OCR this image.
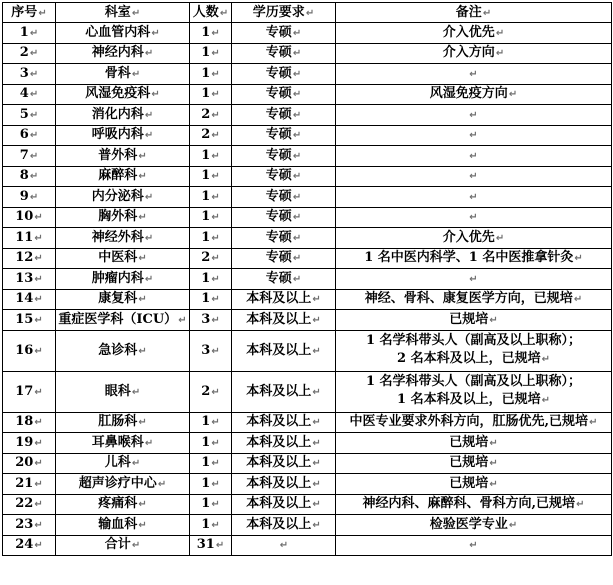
序号↵	科室↵	人数↵	学历要求↵	备注↵
1↵	心血管内科↵	1↵	专硕↵	介入优先↵
2↵	神经内科↵	1↵	专硕↵	介入方向↵
3↵	骨科↵	1↵	专硕↵	↵
4↵	风湿免疫科↵	1↵	专硕↵	风湿免疫方向↵
5↵	消化内科↵	2↵	专硕↵	↵
6↵	呼吸内科↵	2↵	专硕↵	↵
7↵	普外科↵	1↵	专硕↵	↵
8↵	麻醉科↵	1↵	专硕↵	↵
9↵	内分泌科↵	1↵	专硕↵	↵
10↵	胸外科↵	1↵	专硕↵	↵
11↵	神经外科↵	1↵	专硕↵	介入优先↵
12↵	中医科↵	2↵	专硕↵	1 名中医内科学、1 名中医推拿针灸↵
13↵	肿瘤内科↵	1↵	专硕↵	↵
14↵	康复科↵	1↵	本科及以上↵	神经、骨科、康复医学方向，已规培↵
15↵	重症医学科（ICU）↵	3↵	本科及以上↵	已规培↵
16↵	急诊科↵	3↵	本科及以上↵	1 名学科带头人（副高及以上职称）；
2 名本科及以上，已规培↵

17↵	眼科↵	2↵	本科及以上↵	1 名学科带头人（副高及以上职称）；
1 名本科及以上，已规培↵

18↵	肛肠科↵	1↵	本科及以上↵	中医专业要求外科方向，肛肠优先,已规培↵
19↵	耳鼻喉科↵	1↵	本科及以上↵	已规培↵
20↵	儿科↵	1↵	本科及以上↵	已规培↵
21↵	超声诊疗中心↵	1↵	本科及以上↵	已规培↵
22↵	疼痛科↵	1↵	本科及以上↵	神经内科、麻醉科、骨科方向,已规培↵
23↵	输血科↵	1↵	本科及以上↵	检验医学专业↵
24↵	合计↵	31↵	↵	↵
